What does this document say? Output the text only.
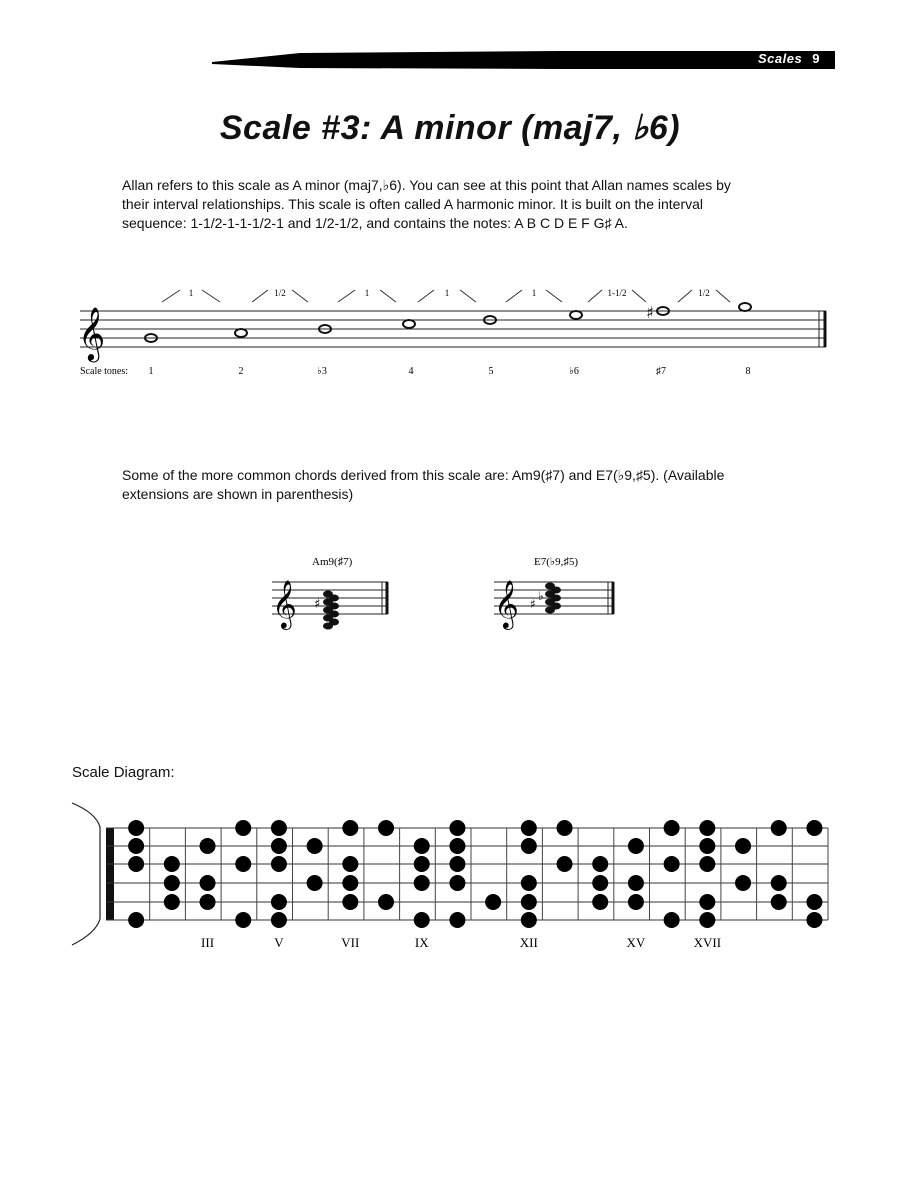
Scales 9
Scale #3: A minor (maj7, ♭6)
Allan refers to this scale as A minor (maj7,♭6). You can see at this point that Allan names scales by
their interval relationships. This scale is often called A harmonic minor. It is built on the interval
sequence: 1-1/2-1-1-1/2-1 and 1/2-1/2, and contains the notes: A B C D E F G♯ A.
𝄞
1	1/2	1	1	1	1-1/2	1/2
♯
Scale tones: 1	2	♭3	4	5	♭6	♯7	8
Some of the more common chords derived from this scale are: Am9(♯7) and E7(♭9,♯5). (Available
extensions are shown in parenthesis)
Am9(♯7)
𝄞 ♯
E7(♭9,♯5)
𝄞 ♯
♭
Scale Diagram:
III	V	VII	IX	XII	XV	XVII
